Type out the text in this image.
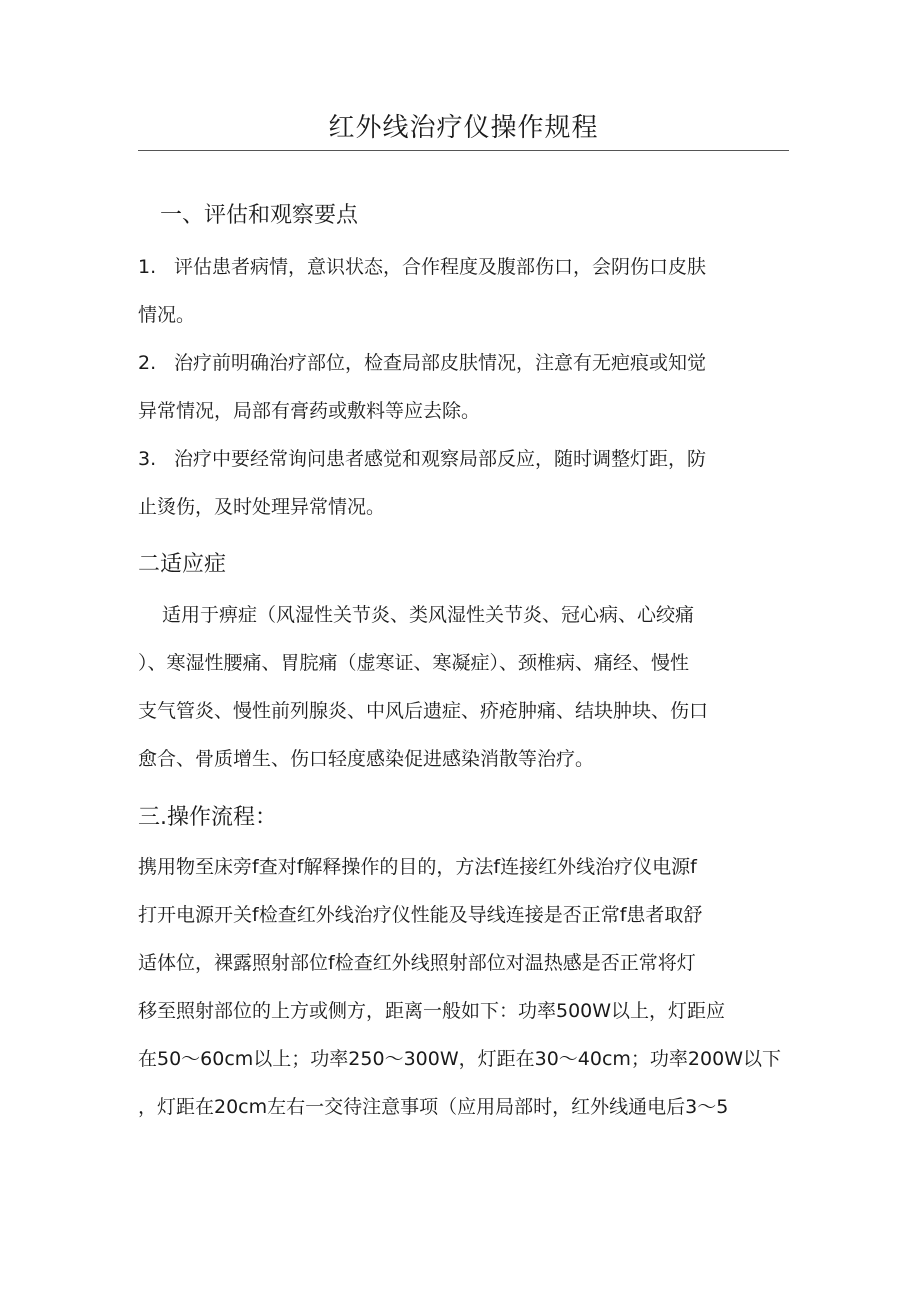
红外线治疗仪操作规程
一、评估和观察要点

1. 评估患者病情，意识状态，合作程度及腹部伤口，会阴伤口皮肤

情况。

2. 治疗前明确治疗部位，检查局部皮肤情况，注意有无疤痕或知觉

异常情况，局部有膏药或敷料等应去除。

3. 治疗中要经常询问患者感觉和观察局部反应，随时调整灯距，防

止烫伤，及时处理异常情况。

二适应症

适用于痹症（风湿性关节炎、类风湿性关节炎、冠心病、心绞痛

）、寒湿性腰痛、胃脘痛（虚寒证、寒凝症）、颈椎病、痛经、慢性

支气管炎、慢性前列腺炎、中风后遗症、疥疮肿痛、结块肿块、伤口

愈合、骨质增生、伤口轻度感染促进感染消散等治疗。

三.操作流程：

携用物至床旁f查对f解释操作的目的，方法f连接红外线治疗仪电源f

打开电源开关f检查红外线治疗仪性能及导线连接是否正常f患者取舒

适体位，裸露照射部位f检查红外线照射部位对温热感是否正常将灯

移至照射部位的上方或侧方，距离一般如下：功率500W以上，灯距应

在50～60cm以上；功率250～300W，灯距在30～40cm；功率200W以下

，灯距在20cm左右一交待注意事项（应用局部时，红外线通电后3～5
